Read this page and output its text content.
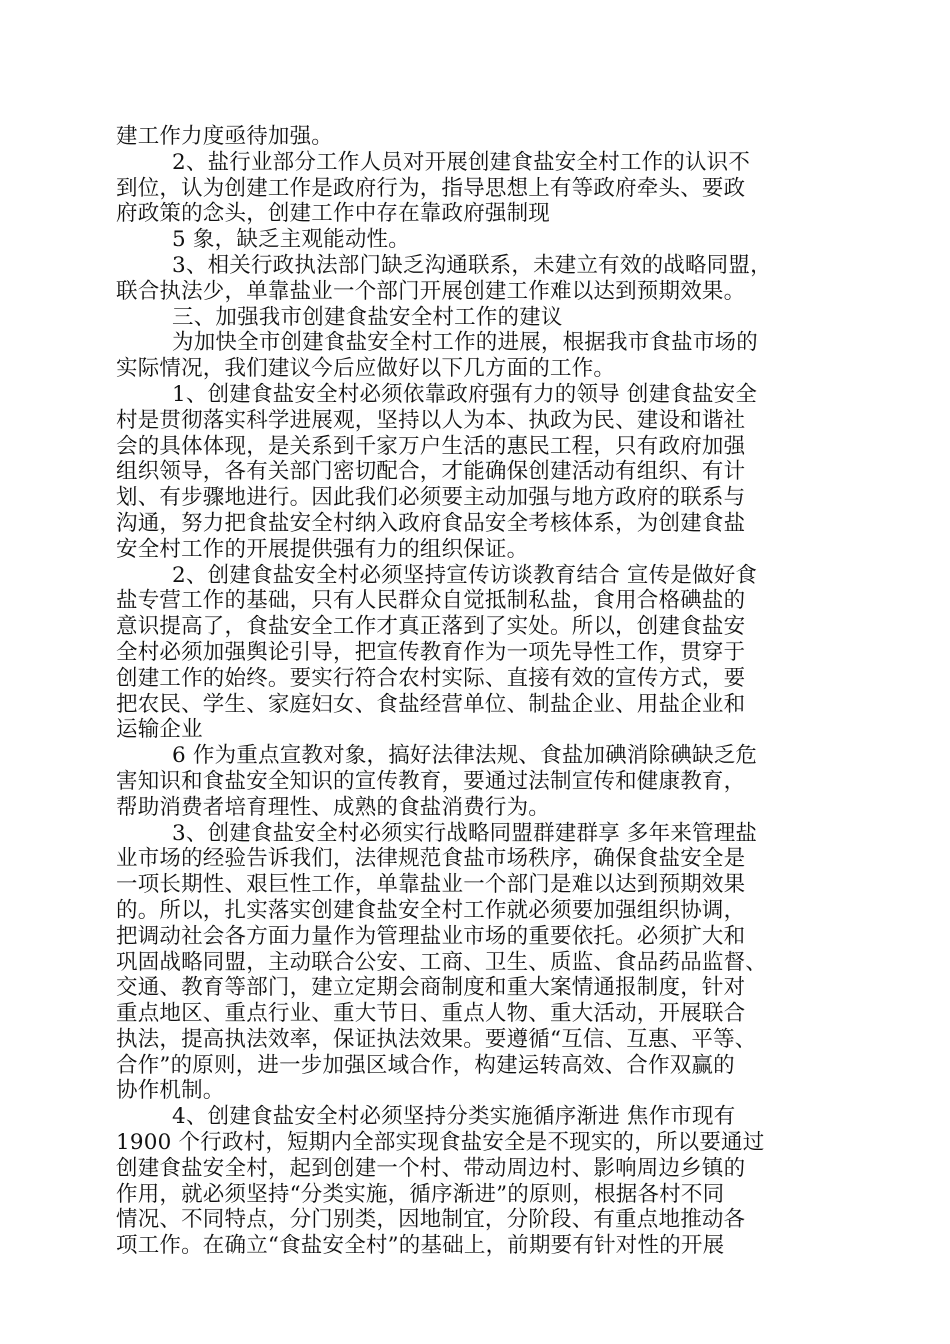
建工作力度亟待加强。
2、盐行业部分工作人员对开展创建食盐安全村工作的认识不
到位，认为创建工作是政府行为，指导思想上有等政府牵头、要政
府政策的念头，创建工作中存在靠政府强制现
5 象，缺乏主观能动性。
3、相关行政执法部门缺乏沟通联系，未建立有效的战略同盟，
联合执法少，单靠盐业一个部门开展创建工作难以达到预期效果。
三、加强我市创建食盐安全村工作的建议
为加快全市创建食盐安全村工作的进展，根据我市食盐市场的
实际情况，我们建议今后应做好以下几方面的工作。
1、创建食盐安全村必须依靠政府强有力的领导 创建食盐安全
村是贯彻落实科学进展观，坚持以人为本、执政为民、建设和谐社
会的具体体现，是关系到千家万户生活的惠民工程，只有政府加强
组织领导，各有关部门密切配合，才能确保创建活动有组织、有计
划、有步骤地进行。因此我们必须要主动加强与地方政府的联系与
沟通，努力把食盐安全村纳入政府食品安全考核体系，为创建食盐
安全村工作的开展提供强有力的组织保证。
2、创建食盐安全村必须坚持宣传访谈教育结合 宣传是做好食
盐专营工作的基础，只有人民群众自觉抵制私盐，食用合格碘盐的
意识提高了，食盐安全工作才真正落到了实处。所以，创建食盐安
全村必须加强舆论引导，把宣传教育作为一项先导性工作，贯穿于
创建工作的始终。要实行符合农村实际、直接有效的宣传方式，要
把农民、学生、家庭妇女、食盐经营单位、制盐企业、用盐企业和
运输企业
6 作为重点宣教对象，搞好法律法规、食盐加碘消除碘缺乏危
害知识和食盐安全知识的宣传教育，要通过法制宣传和健康教育，
帮助消费者培育理性、成熟的食盐消费行为。
3、创建食盐安全村必须实行战略同盟群建群享 多年来管理盐
业市场的经验告诉我们，法律规范食盐市场秩序，确保食盐安全是
一项长期性、艰巨性工作，单靠盐业一个部门是难以达到预期效果
的。所以，扎实落实创建食盐安全村工作就必须要加强组织协调，
把调动社会各方面力量作为管理盐业市场的重要依托。必须扩大和
巩固战略同盟，主动联合公安、工商、卫生、质监、食品药品监督、
交通、教育等部门，建立定期会商制度和重大案情通报制度，针对
重点地区、重点行业、重大节日、重点人物、重大活动，开展联合
执法，提高执法效率，保证执法效果。要遵循“互信、互惠、平等、
合作”的原则，进一步加强区域合作，构建运转高效、合作双赢的
协作机制。
4、创建食盐安全村必须坚持分类实施循序渐进 焦作市现有
1900 个行政村，短期内全部实现食盐安全是不现实的，所以要通过
创建食盐安全村，起到创建一个村、带动周边村、影响周边乡镇的
作用，就必须坚持“分类实施，循序渐进”的原则，根据各村不同
情况、不同特点，分门别类，因地制宜，分阶段、有重点地推动各
项工作。在确立“食盐安全村”的基础上，前期要有针对性的开展
